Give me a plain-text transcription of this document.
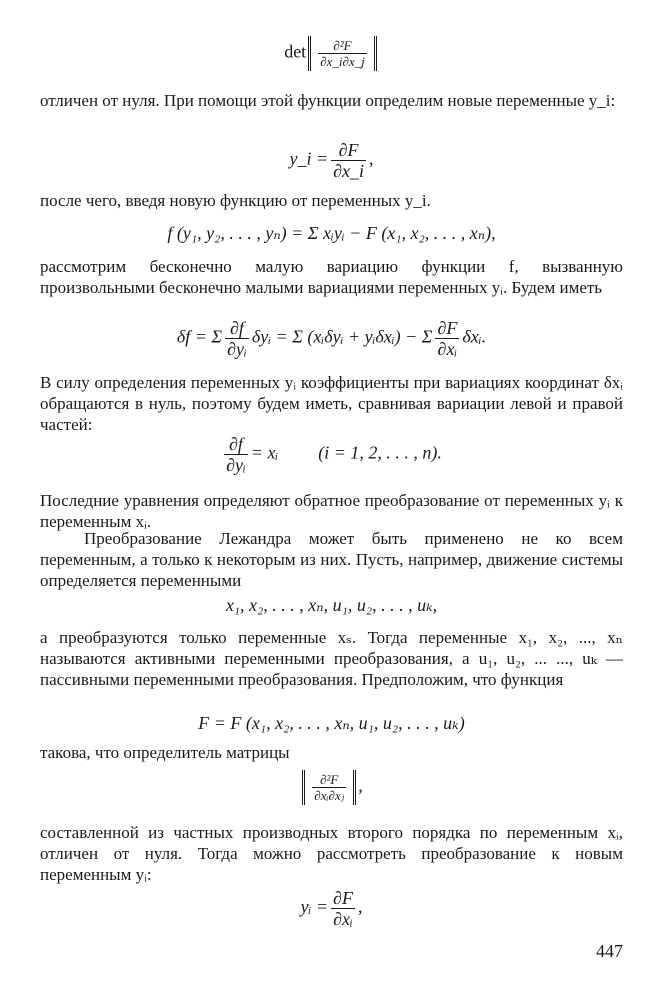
$\det \frac{\text{∂²F}}{\partial x\_i\partial x\_j}$

отличен от нуля. При помощи этой функции определим новые переменные y_i:

y_i = $\frac{\partial F}{\partial x\_i}$ ,

после чего, введя новую функцию от переменных y_i.

f (y₁, y₂, . . . , yₙ) = Σ xᵢyᵢ − F (x₁, x₂, . . . , xₙ),

рассмотрим бесконечно малую вариацию функции f, вызванную произвольными бесконечно малыми вариациями переменных yᵢ. Будем иметь

δf = Σ $\frac{\partial f}{\text{∂yᵢ}}$ δyᵢ = Σ (xᵢδyᵢ + yᵢδxᵢ) − Σ $\frac{\partial F}{\text{∂xᵢ}}$ δxᵢ.

В силу определения переменных yᵢ коэффициенты при вариациях координат δxᵢ обращаются в нуль, поэтому будем иметь, сравнивая вариации левой и правой частей:

$\frac{\partial f}{\text{∂yᵢ}}$ = xᵢ (i = 1, 2, . . . , n).

Последние уравнения определяют обратное преобразование от переменных yᵢ к переменным xᵢ.

Преобразование Лежандра может быть применено не ко всем переменным, а только к некоторым из них. Пусть, например, движение системы определяется переменными

x₁, x₂, . . . , xₙ, u₁, u₂, . . . , uₖ,

а преобразуются только переменные xₛ. Тогда переменные x₁, x₂, ..., xₙ называются активными переменными преобразования, а u₁, u₂, ... ..., uₖ — пассивными переменными преобразования. Предположим, что функция

F = F (x₁, x₂, . . . , xₙ, u₁, u₂, . . . , uₖ)

такова, что определитель матрицы

$\frac{\text{∂²F}}{\text{∂xᵢ∂xⱼ}}$ ,

составленной из частных производных второго порядка по переменным xᵢ, отличен от нуля. Тогда можно рассмотреть преобразование к новым переменным yᵢ:

yᵢ = $\frac{\partial F}{\text{∂xᵢ}}$ ,
447
